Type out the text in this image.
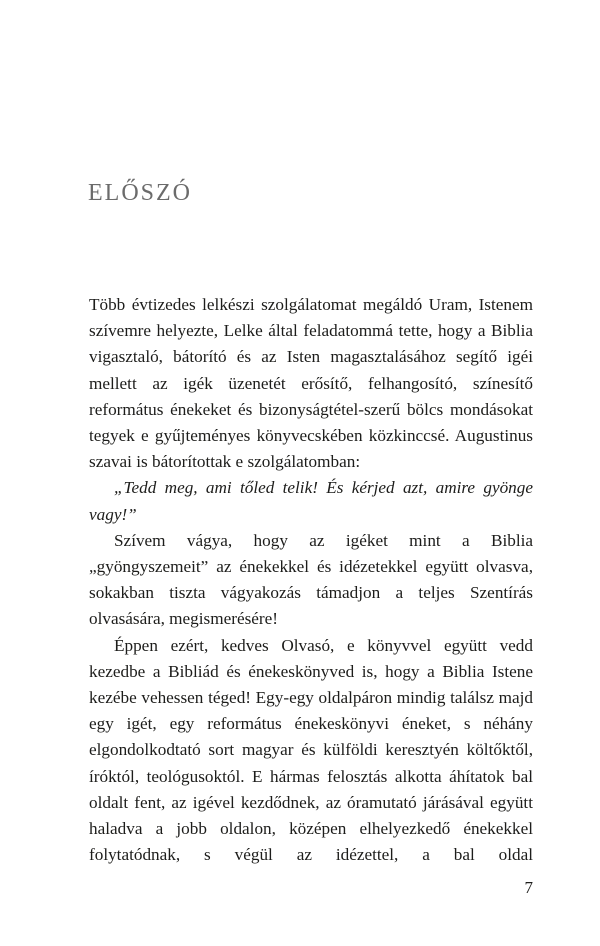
ELŐSZÓ

Több évtizedes lelkészi szolgálatomat megáldó Uram, Istenem szívemre helyezte, Lelke által feladatommá tette, hogy a Biblia vigasztaló, bátorító és az Isten magasztalásához segítő igéi mellett az igék üzenetét erősítő, felhangosító, színesítő református énekeket és bizonyságtétel-szerű bölcs mondásokat tegyek e gyűjteményes könyvecskében közkinccsé. Augustinus szavai is bátorítottak e szolgálatomban:

„Tedd meg, ami tőled telik! És kérjed azt, amire gyönge vagy!”

Szívem vágya, hogy az igéket mint a Biblia „gyöngyszemeit” az énekekkel és idézetekkel együtt olvasva, sokakban tiszta vágyakozás támadjon a teljes Szentírás olvasására, megismerésére!

Éppen ezért, kedves Olvasó, e könyvvel együtt vedd kezedbe a Bibliád és énekeskönyved is, hogy a Biblia Istene kezébe vehessen téged! Egy-egy oldalpáron mindig találsz majd egy igét, egy református énekeskönyvi éneket, s néhány elgondolkodtató sort magyar és külföldi keresztyén költőktől, íróktól, teológusoktól. E hármas felosztás alkotta áhítatok bal oldalt fent, az igével kezdődnek, az óramutató járásával együtt haladva a jobb oldalon, középen elhelyezkedő énekekkel folytatódnak, s végül az idézettel, a bal oldal

7
